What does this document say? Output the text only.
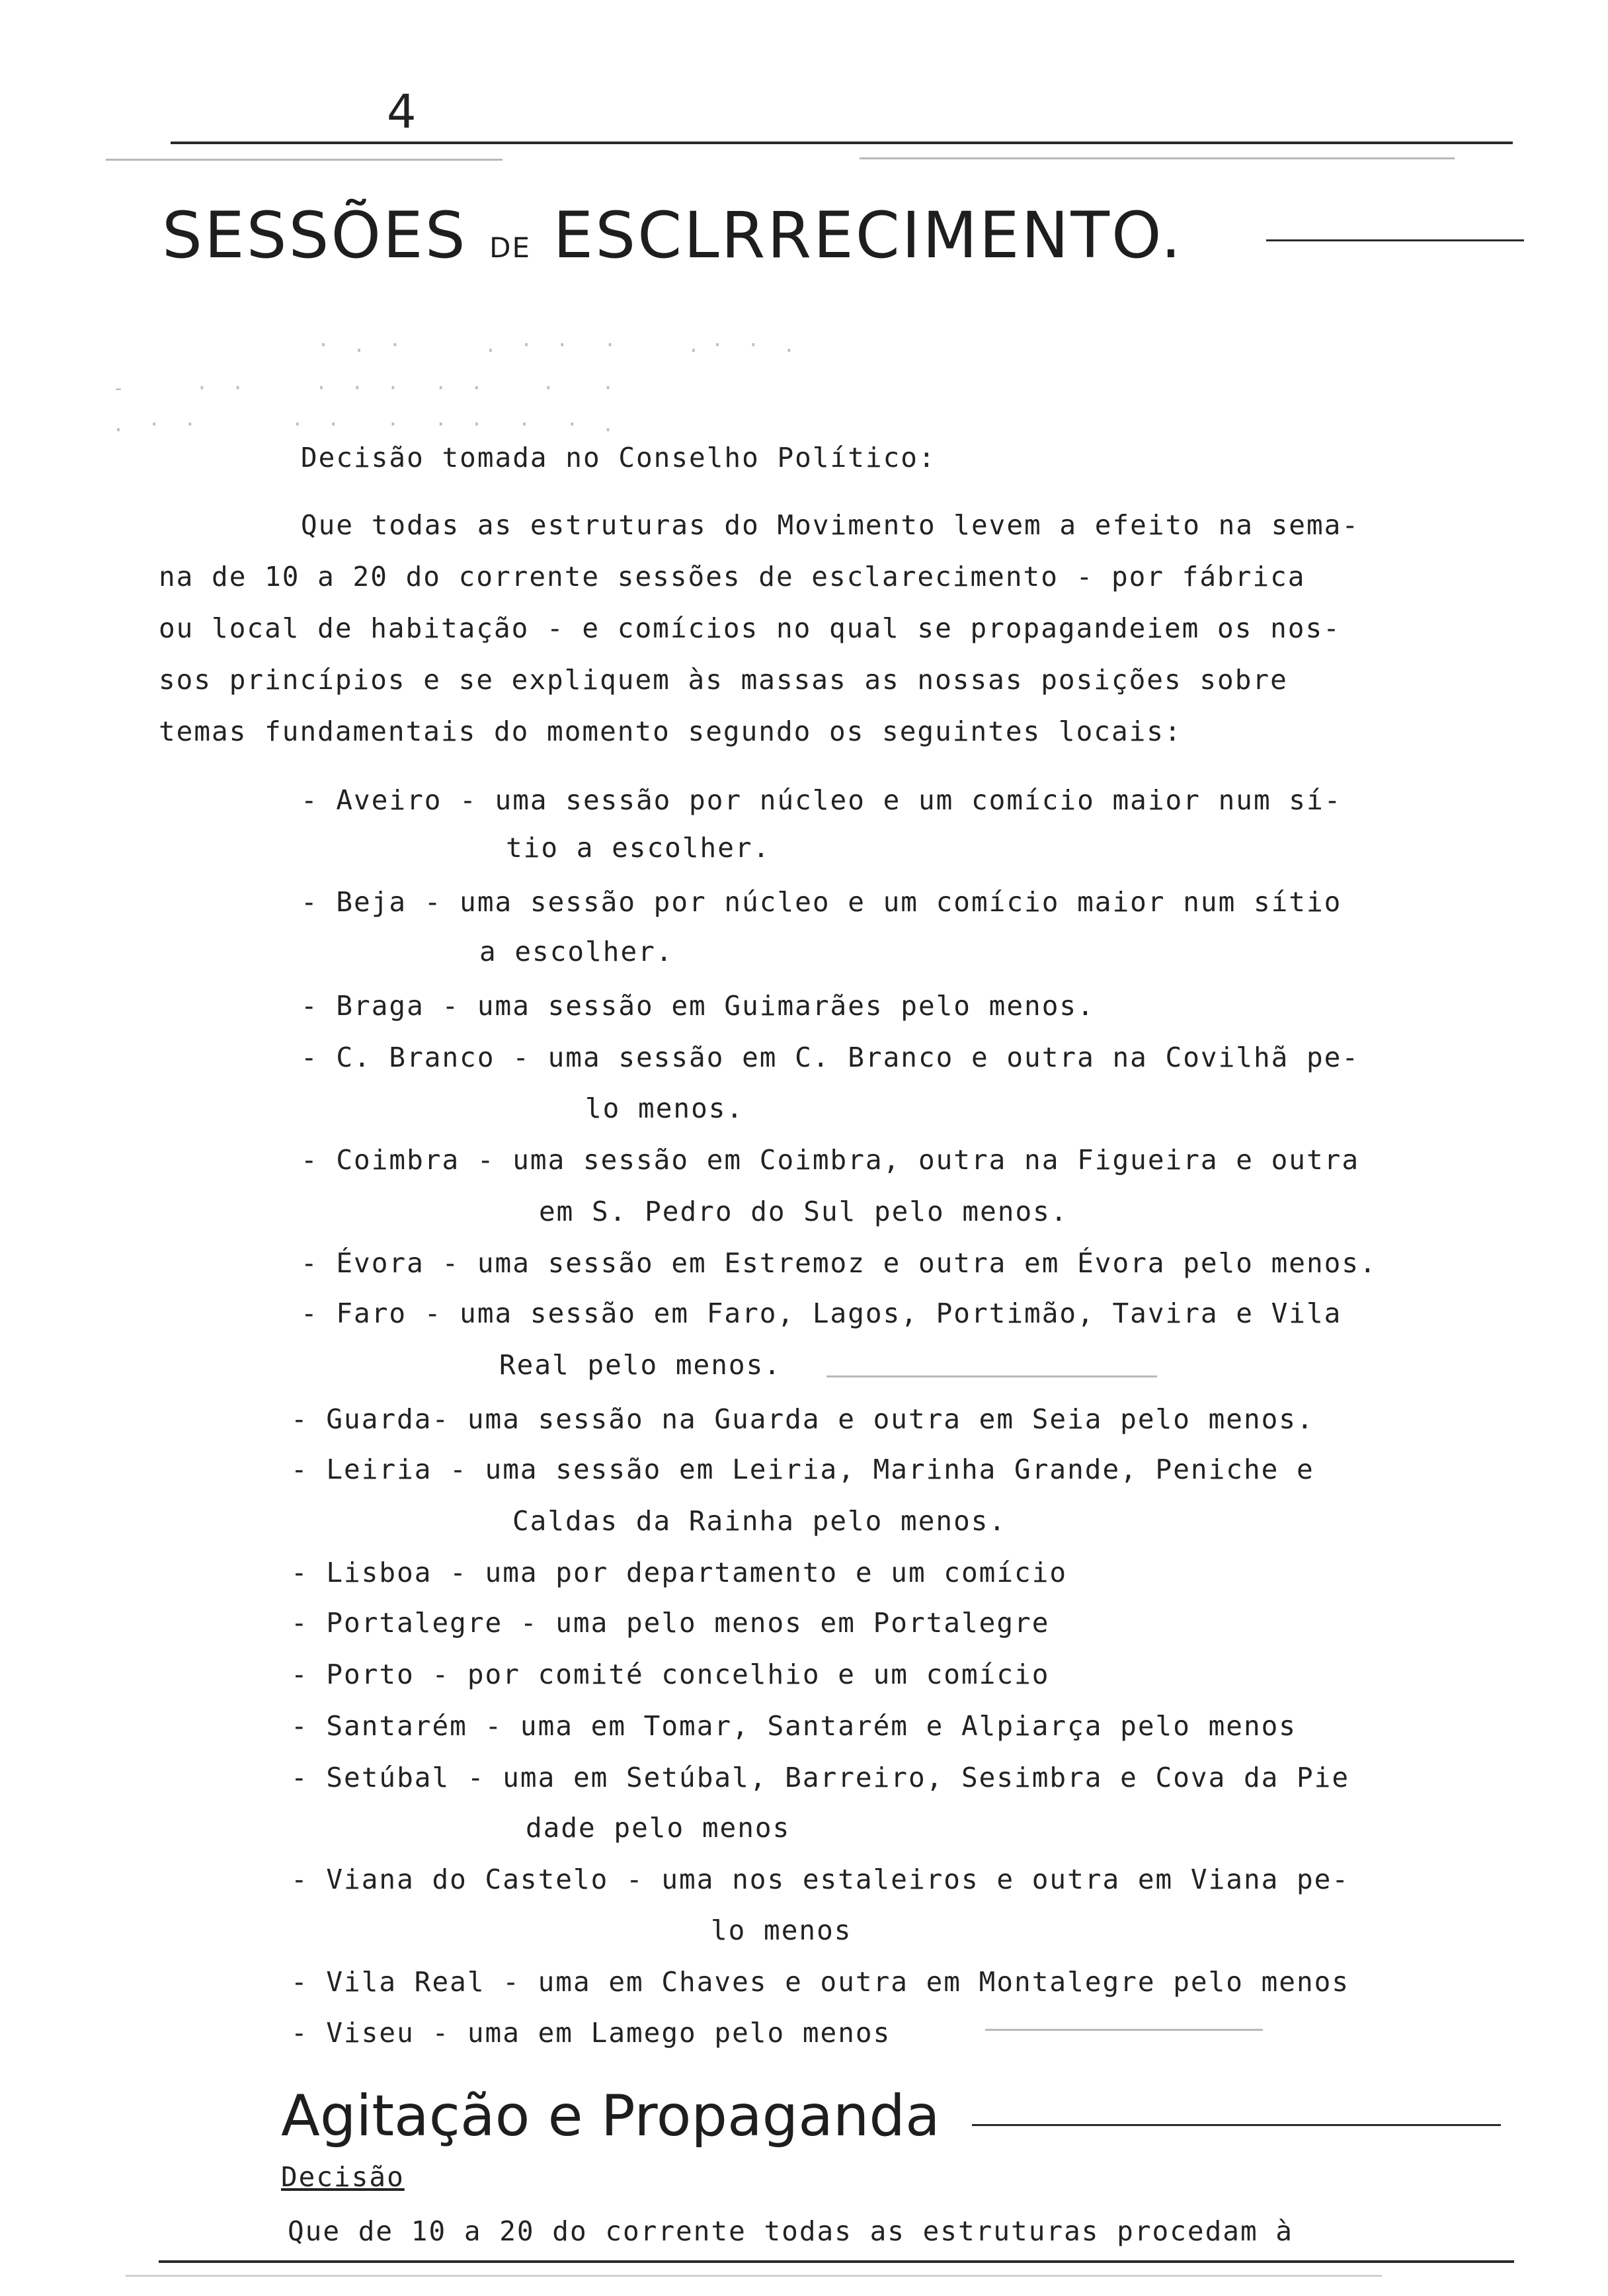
4
SESSÕES DE ESCLRRECIMENTO.
·  .  ·       .  ·  ·   ·      . ·  ·  .
-      ·  ·      ·  ·  ·   ·  ·     ·    ·
.  ·  ·        ·  ·    ·   ·  ·   ·   ·  .
Decisão tomada no Conselho Político:
Que todas as estruturas do Movimento levem a efeito na sema-
na de 10 a 20 do corrente sessões de esclarecimento - por fábrica
ou local de habitação - e comícios no qual se propagandeiem os nos-
sos princípios e se expliquem às massas as nossas posições sobre
temas fundamentais do momento segundo os seguintes locais:
- Aveiro - uma sessão por núcleo e um comício maior num sí-
tio a escolher.
- Beja - uma sessão por núcleo e um comício maior num sítio
a escolher.
- Braga - uma sessão em Guimarães pelo menos.
- C. Branco - uma sessão em C. Branco e outra na Covilhã pe-
lo menos.
- Coimbra - uma sessão em Coimbra, outra na Figueira e outra
em S. Pedro do Sul pelo menos.
- Évora - uma sessão em Estremoz e outra em Évora pelo menos.
- Faro - uma sessão em Faro, Lagos, Portimão, Tavira e Vila
Real pelo menos.
- Guarda- uma sessão na Guarda e outra em Seia pelo menos.
- Leiria - uma sessão em Leiria, Marinha Grande, Peniche e
Caldas da Rainha pelo menos.
- Lisboa - uma por departamento e um comício
- Portalegre - uma pelo menos em Portalegre
- Porto - por comité concelhio e um comício
- Santarém - uma em Tomar, Santarém e Alpiarça pelo menos
- Setúbal - uma em Setúbal, Barreiro, Sesimbra e Cova da Pie
dade pelo menos
- Viana do Castelo - uma nos estaleiros e outra em Viana pe-
lo menos
- Vila Real - uma em Chaves e outra em Montalegre pelo menos
- Viseu - uma em Lamego pelo menos
Agitação e Propaganda
Decisão
Que de 10 a 20 do corrente todas as estruturas procedam à
